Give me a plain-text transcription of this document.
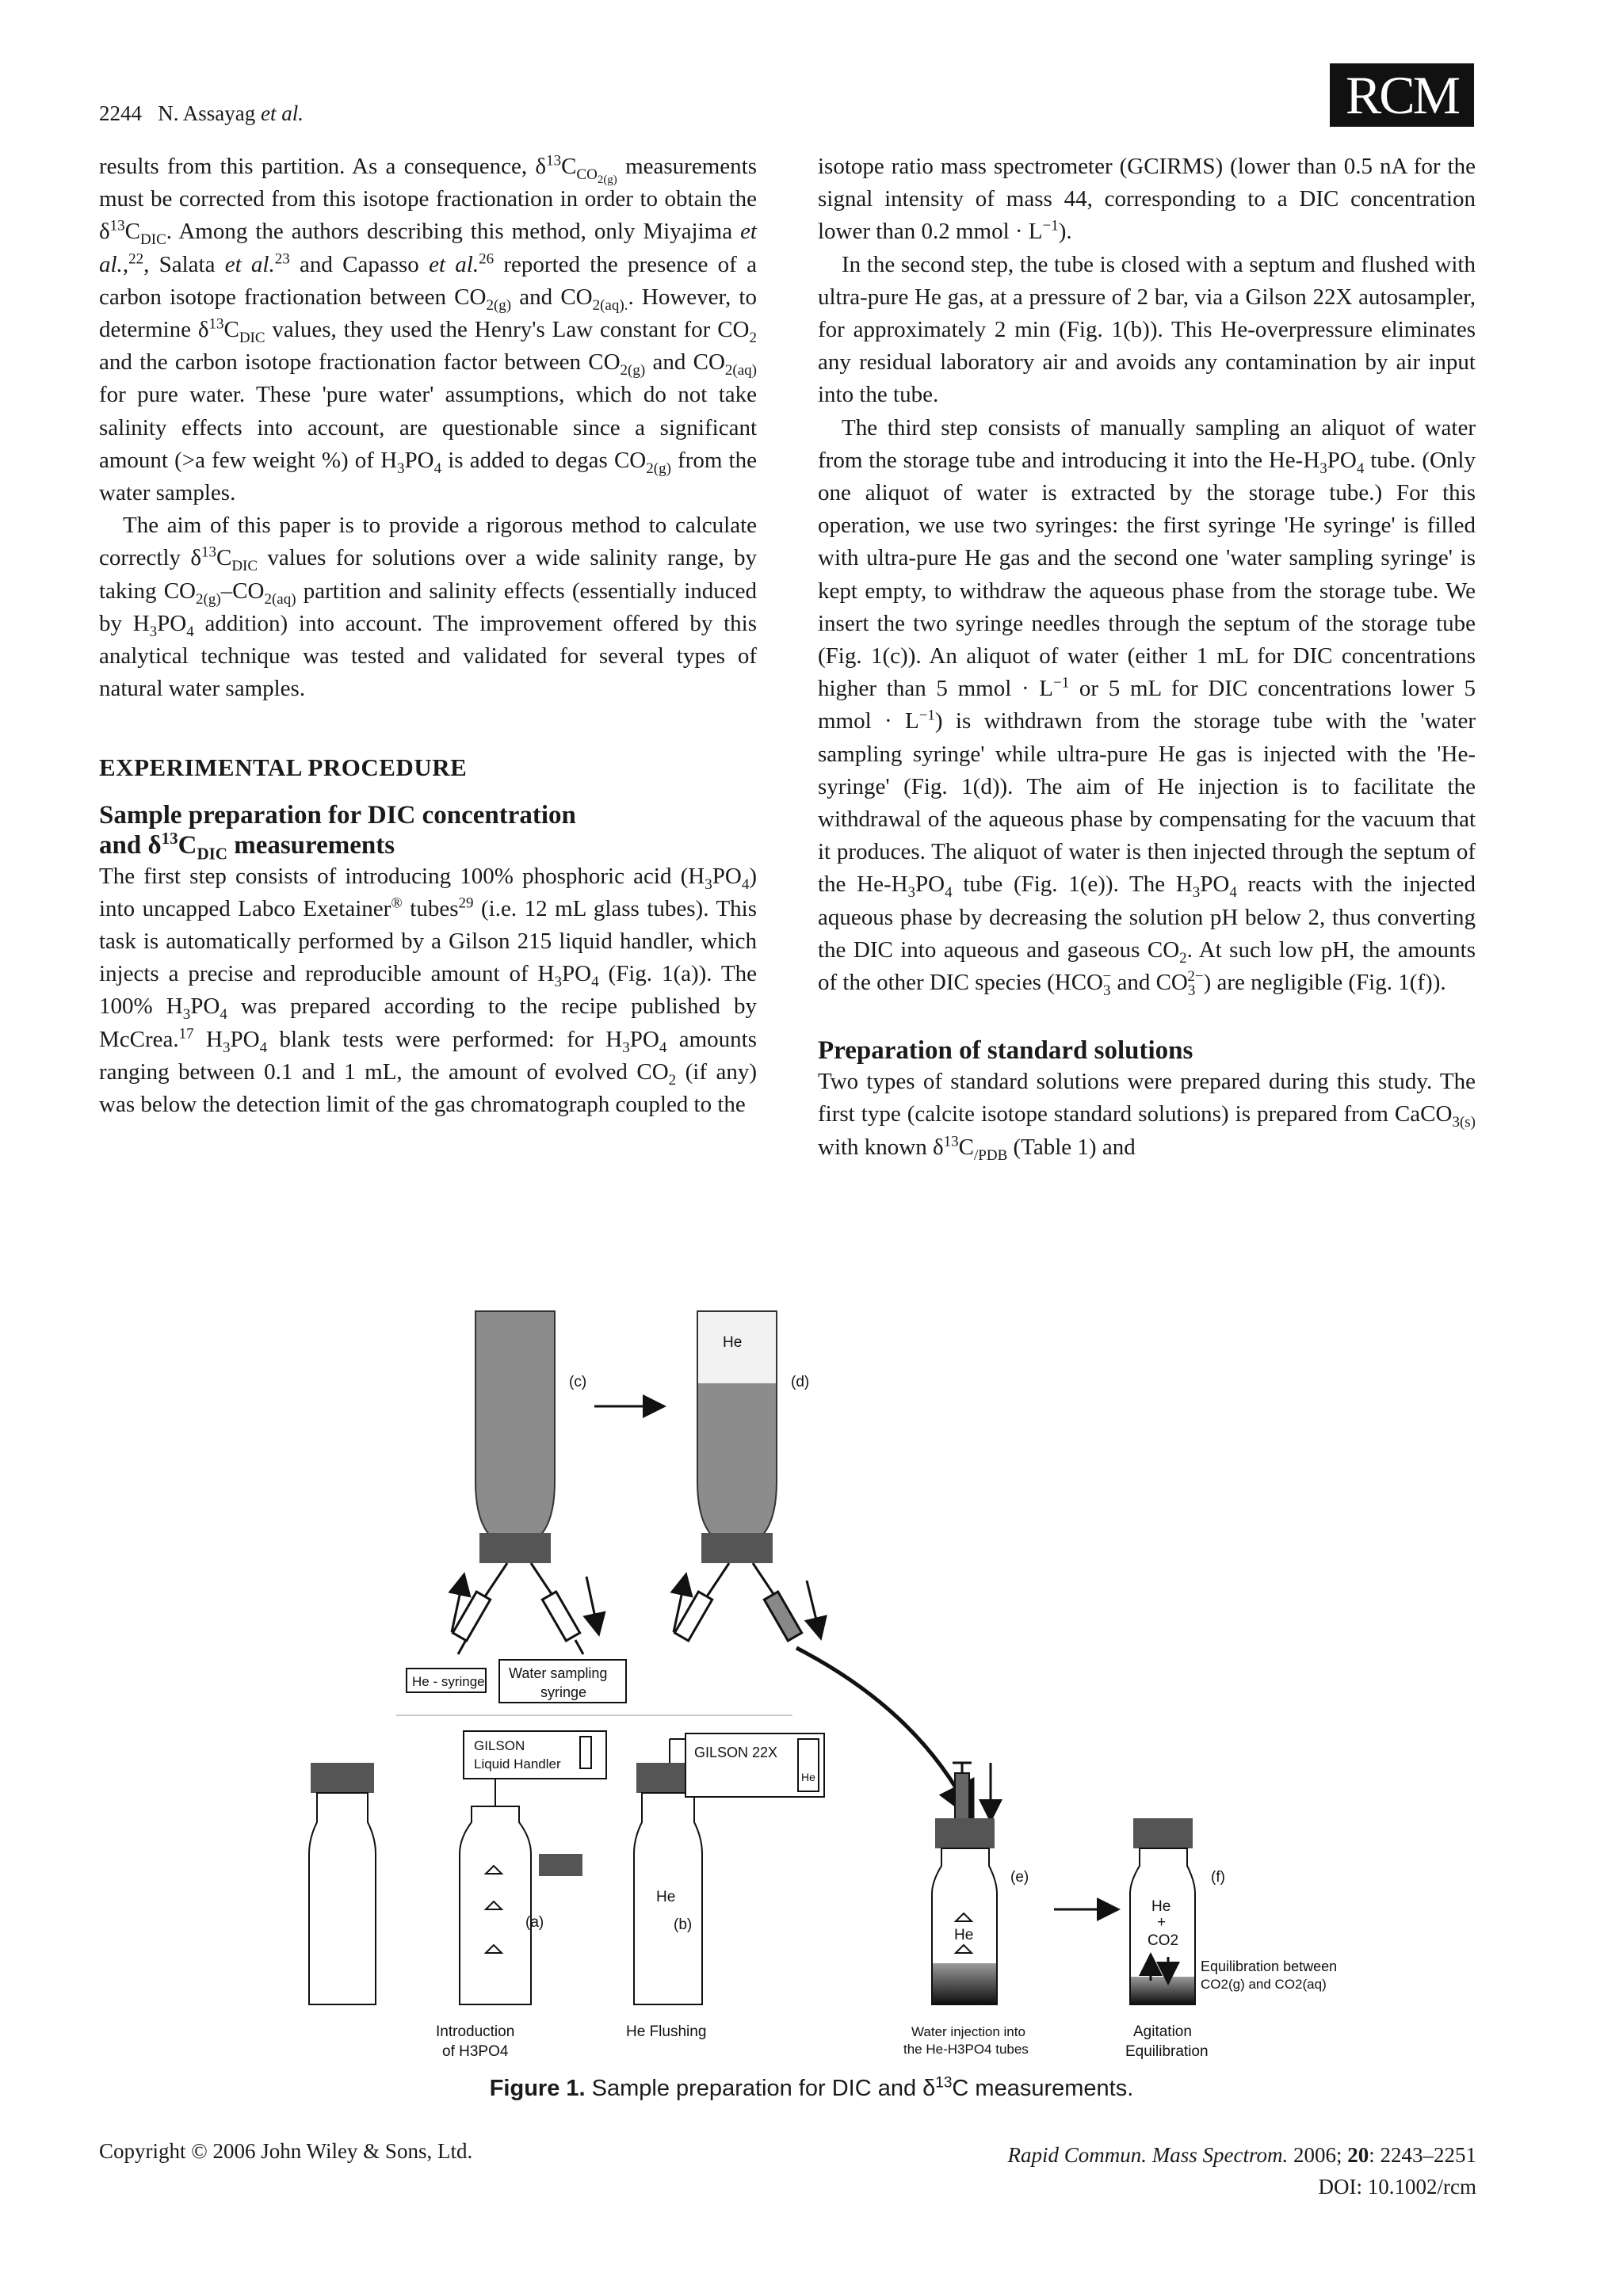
2244 N. Assayag et al.	RCM

results from this partition. As a consequence, $\delta^{13}C_{CO_{2(g)}}$ measurements must be corrected from this isotope fractionation in order to obtain the $\delta^{13}C_{DIC}$. Among the authors describing this method, only Miyajima et al.,$^{22}$, Salata et al.$^{23}$ and Capasso et al.$^{26}$ reported the presence of a carbon isotope fractionation between $CO_{2(g)}$ and $CO_{2(aq).}$. However, to determine $\delta^{13}C_{DIC}$ values, they used the Henry's Law constant for $CO_2$ and the carbon isotope fractionation factor between $CO_{2(g)}$ and $CO_{2(aq)}$ for pure water. These 'pure water' assumptions, which do not take salinity effects into account, are questionable since a significant amount (>a few weight %) of $H_3PO_4$ is added to degas $CO_{2(g)}$ from the water samples.

The aim of this paper is to provide a rigorous method to calculate correctly $\delta^{13}C_{DIC}$ values for solutions over a wide salinity range, by taking $CO_{2(g)}-CO_{2(aq)}$ partition and salinity effects (essentially induced by $H_3PO_4$ addition) into account. The improvement offered by this analytical technique was tested and validated for several types of natural water samples.

EXPERIMENTAL PROCEDURE

Sample preparation for DIC concentration
and $\delta^{13}C_{DIC}$ measurements

The first step consists of introducing 100% phosphoric acid $(H_3PO_4)$ into uncapped Labco Exetainer® tubes$^{29}$ (i.e. 12 mL glass tubes). This task is automatically performed by a Gilson 215 liquid handler, which injects a precise and reproducible amount of $H_3PO_4$ (Fig. 1(a)). The 100% $H_3PO_4$ was prepared according to the recipe published by McCrea.$^{17}$ $H_3PO_4$ blank tests were performed: for $H_3PO_4$ amounts ranging between 0.1 and 1 mL, the amount of evolved $CO_2$ (if any) was below the detection limit of the gas chromatograph coupled to the

isotope ratio mass spectrometer (GCIRMS) (lower than 0.5 nA for the signal intensity of mass 44, corresponding to a DIC concentration lower than 0.2 mmol · $L^{-1}$).

In the second step, the tube is closed with a septum and flushed with ultra-pure He gas, at a pressure of 2 bar, via a Gilson 22X autosampler, for approximately 2 min (Fig. 1(b)). This He-overpressure eliminates any residual laboratory air and avoids any contamination by air input into the tube.

The third step consists of manually sampling an aliquot of water from the storage tube and introducing it into the $He-H_3PO_4$ tube. (Only one aliquot of water is extracted by the storage tube.) For this operation, we use two syringes: the first syringe 'He syringe' is filled with ultra-pure He gas and the second one 'water sampling syringe' is kept empty, to withdraw the aqueous phase from the storage tube. We insert the two syringe needles through the septum of the storage tube (Fig. 1(c)). An aliquot of water (either 1 mL for DIC concentrations higher than 5 mmol · $L^{-1}$ or 5 mL for DIC concentrations lower 5 mmol · $L^{-1}$) is withdrawn from the storage tube with the 'water sampling syringe' while ultra-pure He gas is injected with the 'He-syringe' (Fig. 1(d)). The aim of He injection is to facilitate the withdrawal of the aqueous phase by compensating for the vacuum that it produces. The aliquot of water is then injected through the septum of the $He-H_3PO_4$ tube (Fig. 1(e)). The $H_3PO_4$ reacts with the injected aqueous phase by decreasing the solution pH below 2, thus converting the DIC into aqueous and gaseous $CO_2$. At such low pH, the amounts of the other DIC species ($HCO_3^-$ and $CO_3^{2-}$) are negligible (Fig. 1(f)).

Preparation of standard solutions

Two types of standard solutions were prepared during this study. The first type (calcite isotope standard solutions) is prepared from CaCO$_{3(s)}$ with known $\delta^{13}C_{/PDB}$ (Table 1) and

(c)
He - syringe
Water sampling
syringe
He
(d)
GILSON
Liquid Handler
(a)
Introduction
of H3PO4
He
(b)
He Flushing
GILSON 22X
He
He
(e)
Water injection into
the He-H3PO4 tubes
He
+
CO2
(f)
Equilibration between
CO2(g) and CO2(aq)
Agitation
Equilibration
Figure 1. Sample preparation for DIC and $\delta^{13}C$ measurements.
Copyright © 2006 John Wiley & Sons, Ltd.	Rapid Commun. Mass Spectrom. 2006; 20: 2243–2251
DOI: 10.1002/rcm
